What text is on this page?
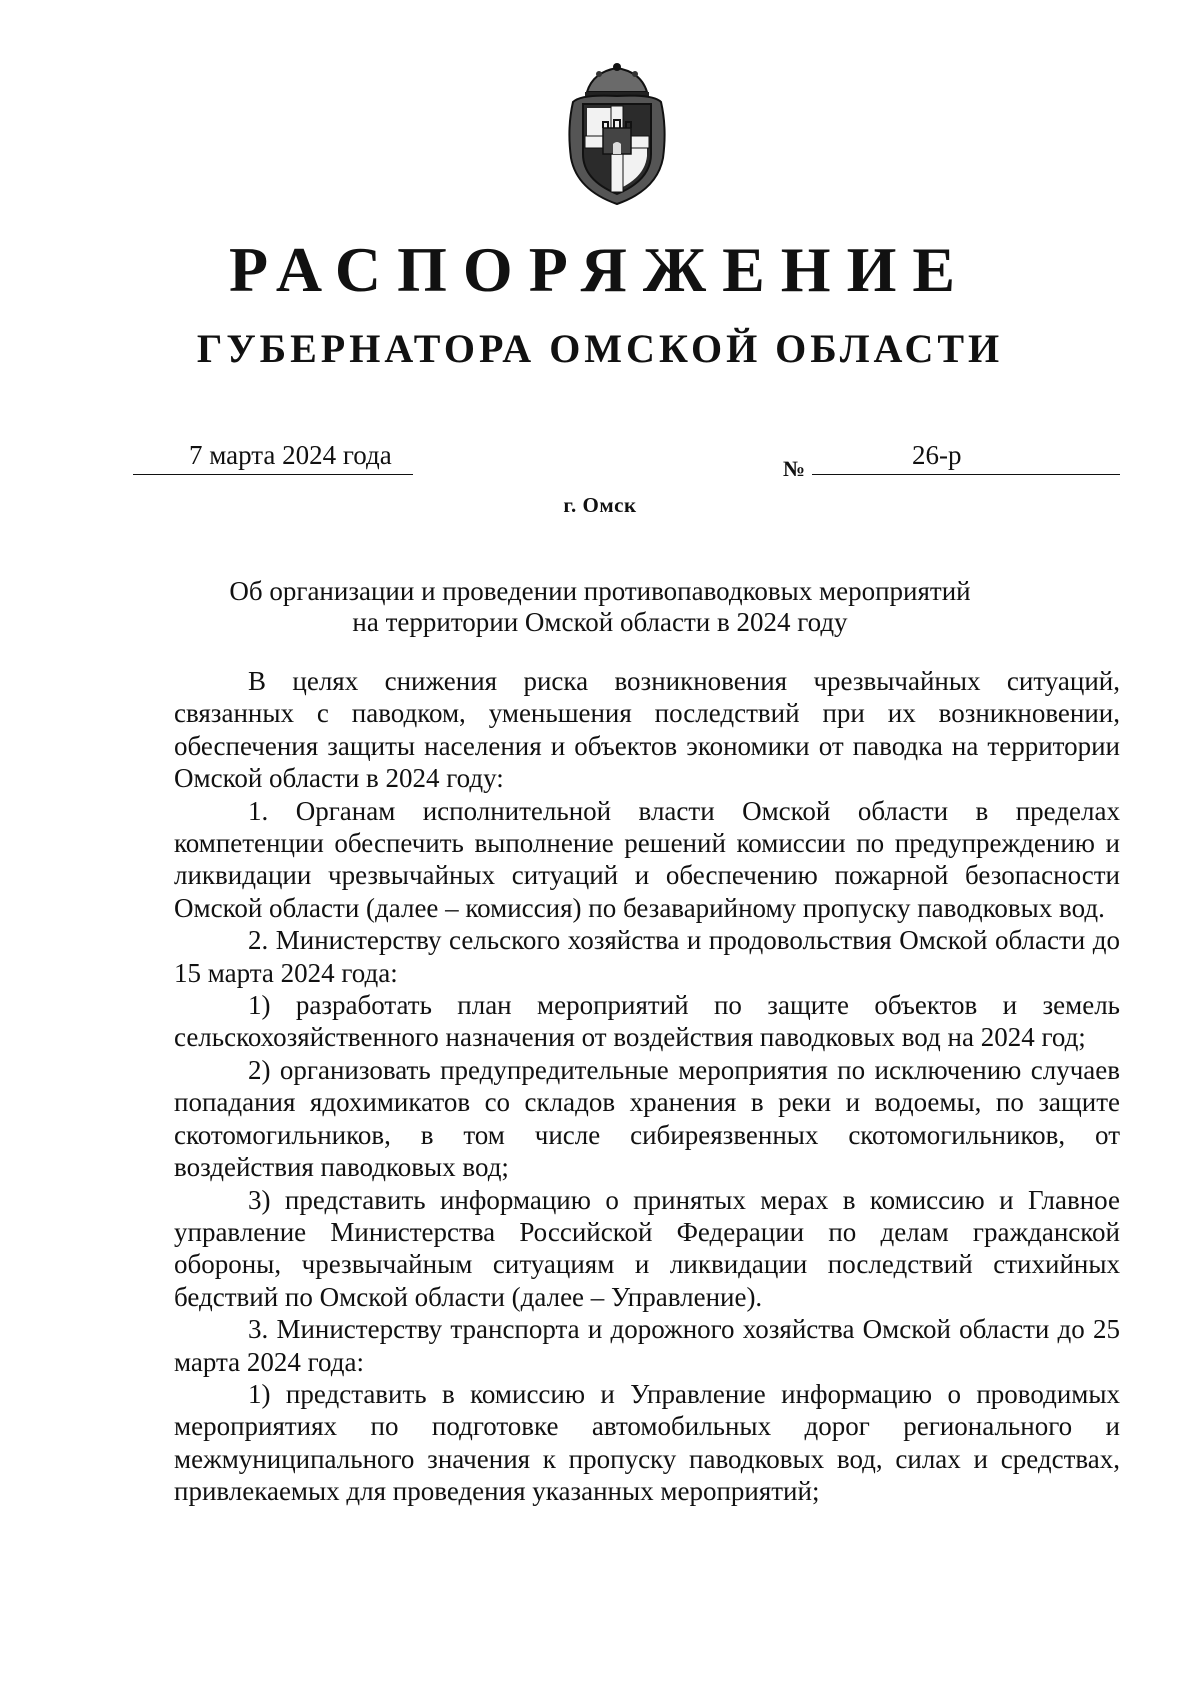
РАСПОРЯЖЕНИЕ
ГУБЕРНАТОРА ОМСКОЙ ОБЛАСТИ
7 марта 2024 года	№	26-р
г. Омск
Об организации и проведении противопаводковых мероприятий
на территории Омской области в 2024 году

В целях снижения риска возникновения чрезвычайных ситуаций, связанных с паводком, уменьшения последствий при их возникновении, обеспечения защиты населения и объектов экономики от паводка на территории Омской области в 2024 году:

1. Органам исполнительной власти Омской области в пределах компетенции обеспечить выполнение решений комиссии по предупреждению и ликвидации чрезвычайных ситуаций и обеспечению пожарной безопасности Омской области (далее – комиссия) по безаварийному пропуску паводковых вод.

2. Министерству сельского хозяйства и продовольствия Омской области до 15 марта 2024 года:

1) разработать план мероприятий по защите объектов и земель сельскохозяйственного назначения от воздействия паводковых вод на 2024 год;

2) организовать предупредительные мероприятия по исключению случаев попадания ядохимикатов со складов хранения в реки и водоемы, по защите скотомогильников, в том числе сибиреязвенных скотомогильников, от воздействия паводковых вод;

3) представить информацию о принятых мерах в комиссию и Главное управление Министерства Российской Федерации по делам гражданской обороны, чрезвычайным ситуациям и ликвидации последствий стихийных бедствий по Омской области (далее – Управление).

3. Министерству транспорта и дорожного хозяйства Омской области до 25 марта 2024 года:

1) представить в комиссию и Управление информацию о проводимых мероприятиях по подготовке автомобильных дорог регионального и межмуниципального значения к пропуску паводковых вод, силах и средствах, привлекаемых для проведения указанных мероприятий;
